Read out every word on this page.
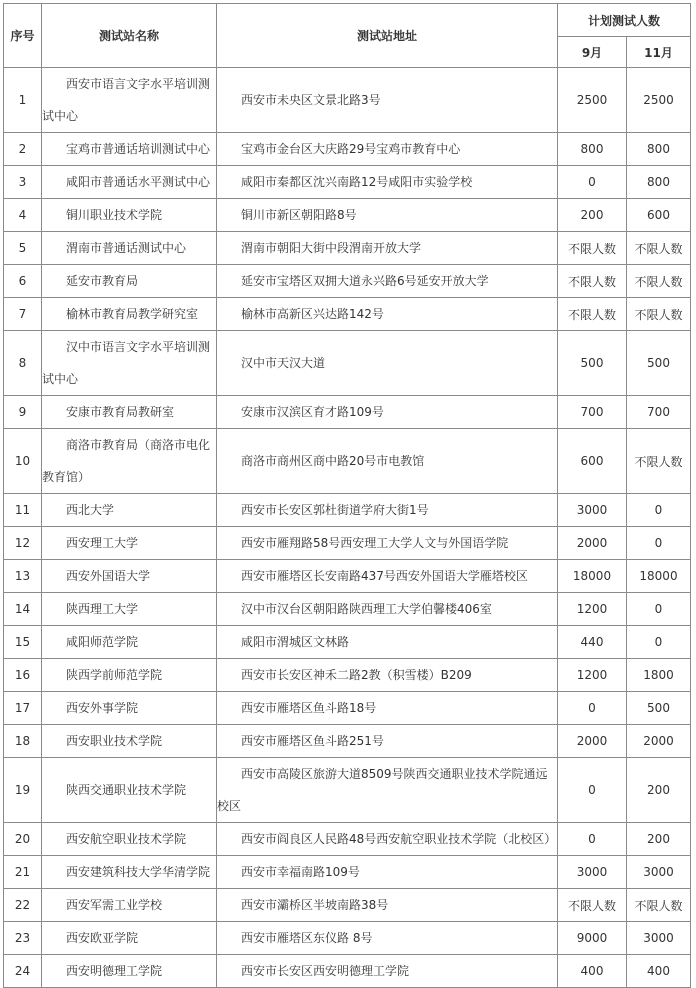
序号	测试站名称	测试站地址	计划测试人数	
			9月	11月
1	西安市语言文字水平培训测试中心	西安市未央区文景北路3号	2500	2500
2	宝鸡市普通话培训测试中心	宝鸡市金台区大庆路29号宝鸡市教育中心	800	800
3	咸阳市普通话水平测试中心	咸阳市秦都区沈兴南路12号咸阳市实验学校	0	800
4	铜川职业技术学院	铜川市新区朝阳路8号	200	600
5	渭南市普通话测试中心	渭南市朝阳大街中段渭南开放大学	不限人数	不限人数
6	延安市教育局	延安市宝塔区双拥大道永兴路6号延安开放大学	不限人数	不限人数
7	榆林市教育局教学研究室	榆林市高新区兴达路142号	不限人数	不限人数
8	汉中市语言文字水平培训测试中心	汉中市天汉大道	500	500
9	安康市教育局教研室	安康市汉滨区育才路109号	700	700
10	商洛市教育局（商洛市电化教育馆）	商洛市商州区商中路20号市电教馆	600	不限人数
11	西北大学	西安市长安区郭杜街道学府大街1号	3000	0
12	西安理工大学	西安市雁翔路58号西安理工大学人文与外国语学院	2000	0
13	西安外国语大学	西安市雁塔区长安南路437号西安外国语大学雁塔校区	18000	18000
14	陕西理工大学	汉中市汉台区朝阳路陕西理工大学伯馨楼406室	1200	0
15	咸阳师范学院	咸阳市渭城区文林路	440	0
16	陕西学前师范学院	西安市长安区神禾二路2教（积雪楼）B209	1200	1800
17	西安外事学院	西安市雁塔区鱼斗路18号	0	500
18	西安职业技术学院	西安市雁塔区鱼斗路251号	2000	2000
19	陕西交通职业技术学院	西安市高陵区旅游大道8509号陕西交通职业技术学院通远校区	0	200
20	西安航空职业技术学院	西安市阎良区人民路48号西安航空职业技术学院（北校区）	0	200
21	西安建筑科技大学华清学院	西安市幸福南路109号	3000	3000
22	西安军需工业学校	西安市灞桥区半坡南路38号	不限人数	不限人数
23	西安欧亚学院	西安市雁塔区东仪路 8号	9000	3000
24	西安明德理工学院	西安市长安区西安明德理工学院	400	400
